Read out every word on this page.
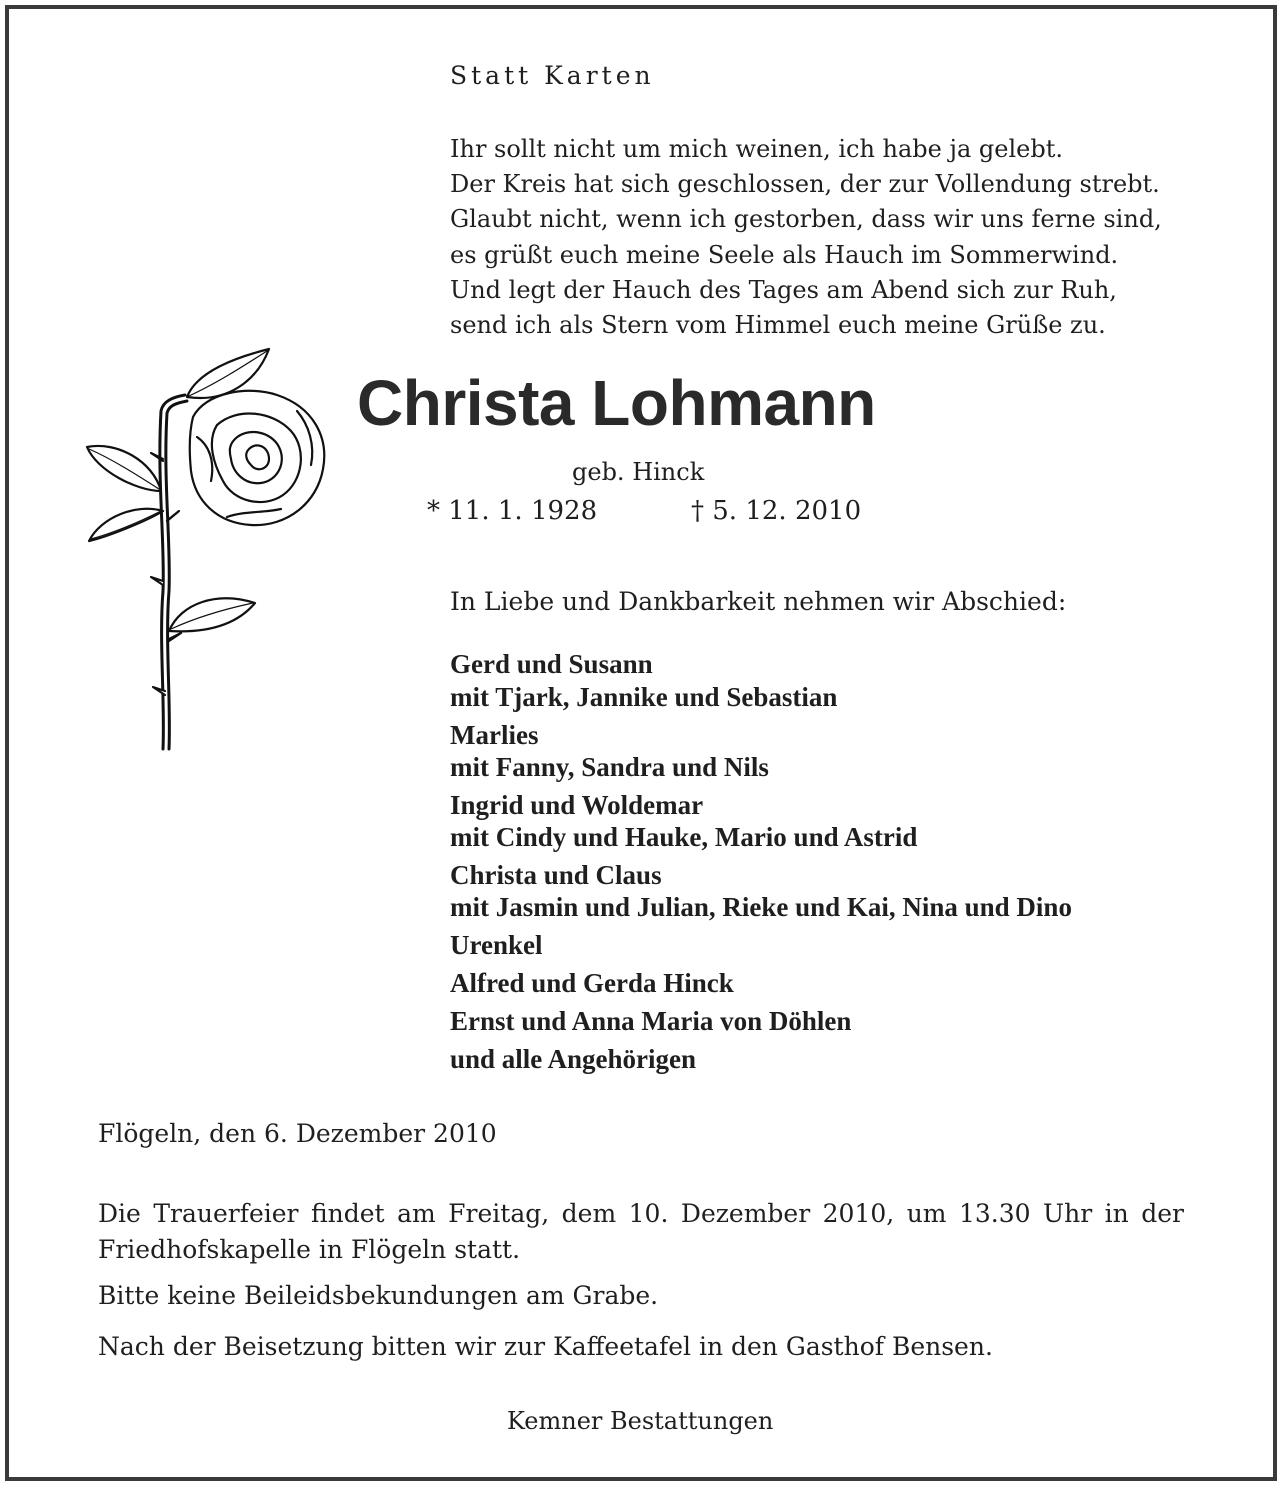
Statt Karten
Ihr sollt nicht um mich weinen, ich habe ja gelebt.
Der Kreis hat sich geschlossen, der zur Vollendung strebt.
Glaubt nicht, wenn ich gestorben, dass wir uns ferne sind,
es grüßt euch meine Seele als Hauch im Sommerwind.
Und legt der Hauch des Tages am Abend sich zur Ruh,
send ich als Stern vom Himmel euch meine Grüße zu.
Christa Lohmann
geb. Hinck
* 11. 1. 1928	† 5. 12. 2010
In Liebe und Dankbarkeit nehmen wir Abschied:
Gerd und Susann
mit Tjark, Jannike und Sebastian
Marlies
mit Fanny, Sandra und Nils
Ingrid und Woldemar
mit Cindy und Hauke, Mario und Astrid
Christa und Claus
mit Jasmin und Julian, Rieke und Kai, Nina und Dino
Urenkel
Alfred und Gerda Hinck
Ernst und Anna Maria von Döhlen
und alle Angehörigen
Flögeln, den 6. Dezember 2010
Die Trauerfeier findet am Freitag, dem 10. Dezember 2010, um 13.30 Uhr in der Friedhofskapelle in Flögeln statt.
Bitte keine Beileidsbekundungen am Grabe.
Nach der Beisetzung bitten wir zur Kaffeetafel in den Gasthof Bensen.
Kemner Bestattungen
